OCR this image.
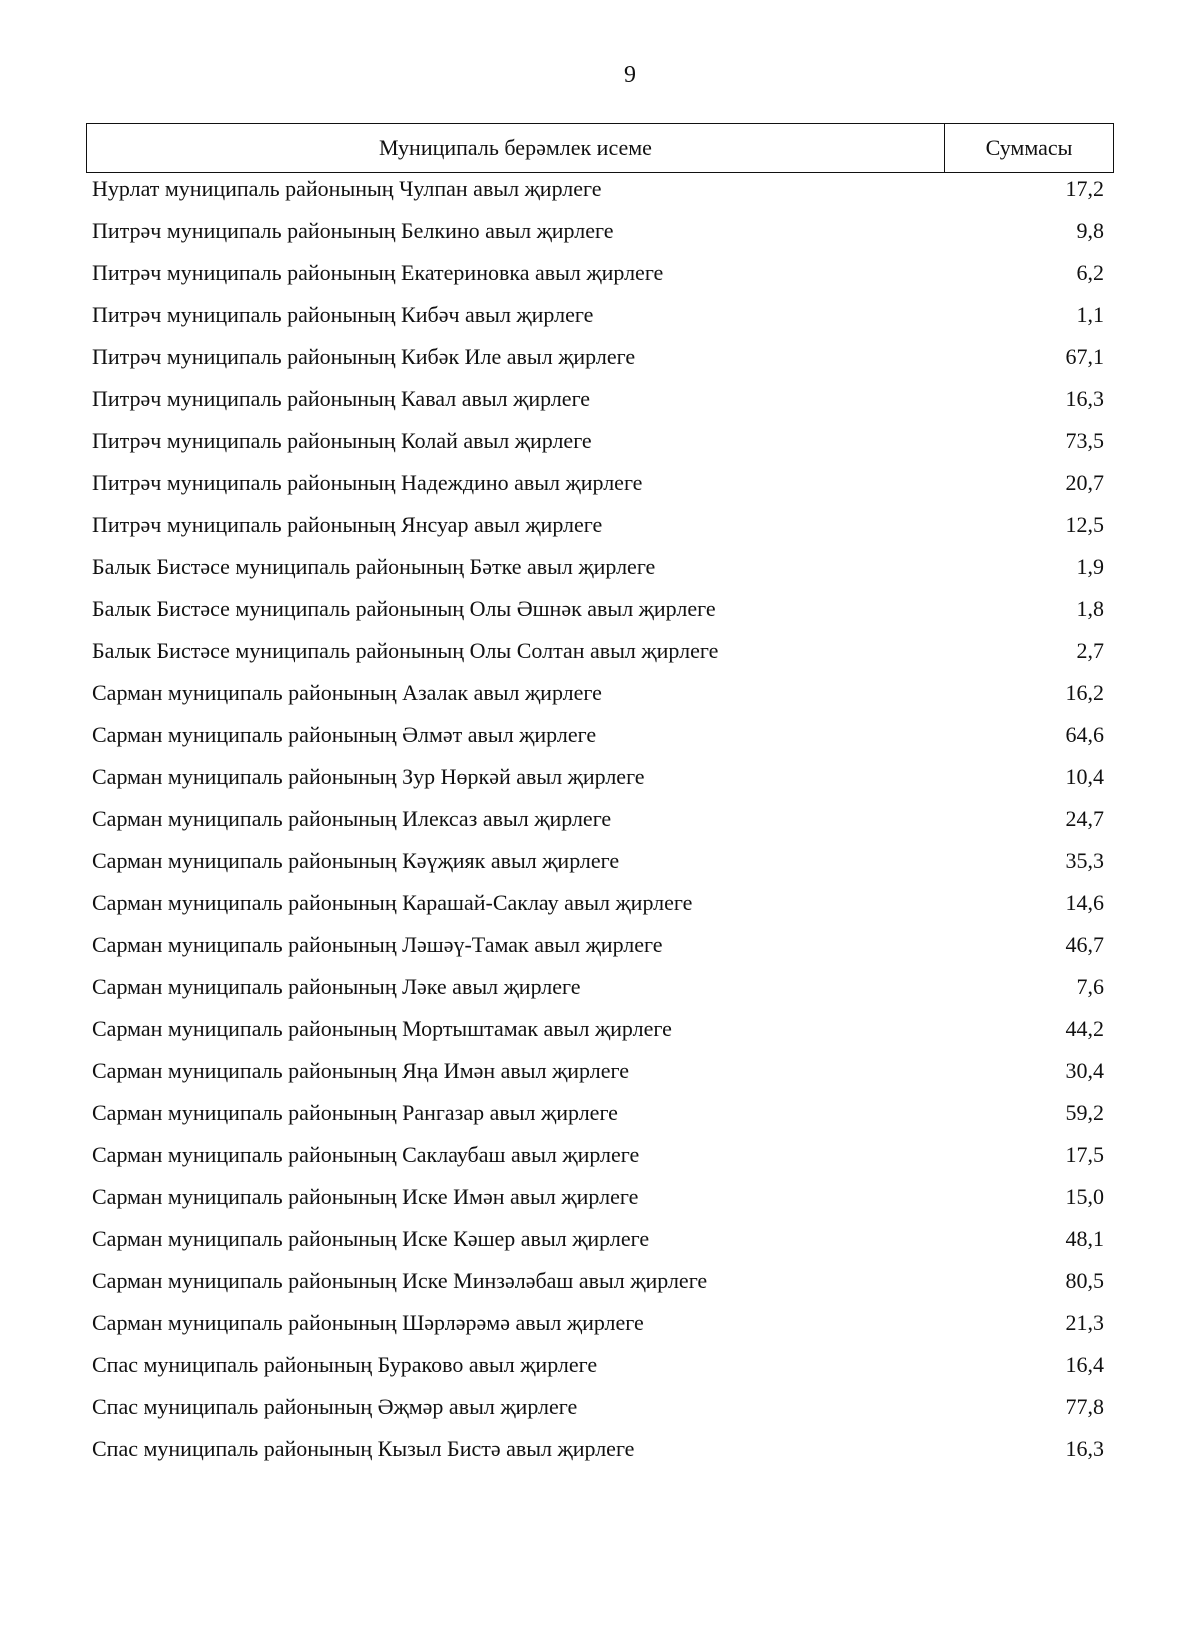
9
Муниципаль берәмлек исеме	Суммасы
Нурлат муниципаль районының Чулпан авыл җирлеге	17,2
Питрәч муниципаль районының Белкино авыл җирлеге	9,8
Питрәч муниципаль районының Екатериновка авыл җирлеге	6,2
Питрәч муниципаль районының Кибәч авыл җирлеге	1,1
Питрәч муниципаль районының Кибәк Иле авыл җирлеге	67,1
Питрәч муниципаль районының Кавал авыл җирлеге	16,3
Питрәч муниципаль районының Колай авыл җирлеге	73,5
Питрәч муниципаль районының Надеждино авыл җирлеге	20,7
Питрәч муниципаль районының Янсуар авыл җирлеге	12,5
Балык Бистәсе муниципаль районының Бәтке авыл җирлеге	1,9
Балык Бистәсе муниципаль районының Олы Әшнәк авыл җирлеге	1,8
Балык Бистәсе муниципаль районының Олы Солтан авыл җирлеге	2,7
Сарман муниципаль районының Азалак авыл җирлеге	16,2
Сарман муниципаль районының Әлмәт авыл җирлеге	64,6
Сарман муниципаль районының Зур Нөркәй авыл җирлеге	10,4
Сарман муниципаль районының Илексаз авыл җирлеге	24,7
Сарман муниципаль районының Кәүҗияк авыл җирлеге	35,3
Сарман муниципаль районының Карашай-Саклау авыл җирлеге	14,6
Сарман муниципаль районының Ләшәү-Тамак авыл җирлеге	46,7
Сарман муниципаль районының Ләке авыл җирлеге	7,6
Сарман муниципаль районының Мортыштамак авыл җирлеге	44,2
Сарман муниципаль районының Яңа Имән авыл җирлеге	30,4
Сарман муниципаль районының Рангазар авыл җирлеге	59,2
Сарман муниципаль районының Саклаубаш авыл җирлеге	17,5
Сарман муниципаль районының Иске Имән авыл җирлеге	15,0
Сарман муниципаль районының Иске Кәшер авыл җирлеге	48,1
Сарман муниципаль районының Иске Минзәләбаш авыл җирлеге	80,5
Сарман муниципаль районының Шәрләрәмә авыл җирлеге	21,3
Спас муниципаль районының Бураково авыл җирлеге	16,4
Спас муниципаль районының Әҗмәр авыл җирлеге	77,8
Спас муниципаль районының Кызыл Бистә авыл җирлеге	16,3
